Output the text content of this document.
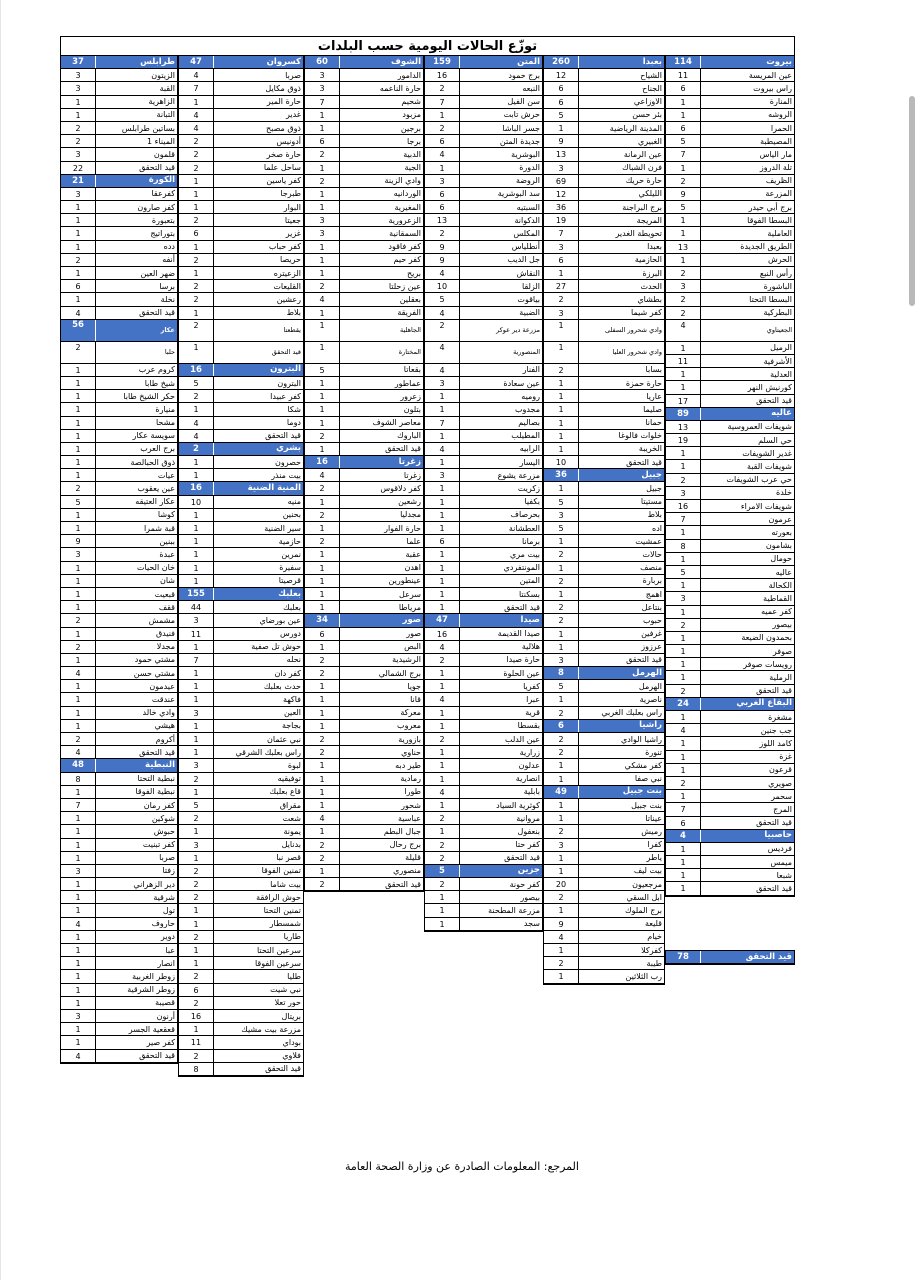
توزّع الحالات اليومية حسب البلدات
بيروت
114
عين المريسة
11
راس بيروت
6
المنارة
1
الروشه
1
الحمرا
6
المصيطبة
5
مار الياس
7
تلة الدروز
1
الظريف
2
المزرعة
9
برج أبي حيدر
5
البسطا الفوقا
1
العاملية
1
الطريق الجديدة
13
الحرش
1
رأس النبع
2
الباشورة
3
البسطا التحتا
2
البطركية
2
الجعيتاوي
4
الرميل
1
الأشرفية
11
العدلية
1
كورنيش النهر
1
قيد التحقق
17
عاليه
89
شويفات العمروسية
13
حي السلم
19
غدير الشويفات
1
شويفات القبة
1
حي عرب الشويفات
2
خلدة
3
شويفات الامراء
16
عرمون
7
بعورته
1
بشامون
8
حومال
1
عاليه
5
الكحالة
1
القماطية
3
كفر عميه
1
بيصور
2
بحمدون الضيعة
1
صوفر
1
رويسات صوفر
1
الرملية
1
قيد التحقق
2
البقاع الغربي
24
مشغرة
1
جب جنين
4
كامد اللوز
1
غزة
1
قرعون
1
صويري
2
سحمر
1
المرج
7
قيد التحقق
6
حاصبيا
4
فرديس
1
ميمس
1
شبعا
1
قيد التحقق
1
بعبدا
260
الشياح
12
الجناح
6
الاوزاعي
6
بئر حسن
5
المدينة الرياضية
1
الغبيري
9
عين الرمانة
13
فرن الشباك
3
حارة حريك
69
الليلكي
12
برج البراجنة
36
المريجة
19
تحويطة الغدير
7
بعبدا
3
الحازمية
6
البرزة
1
الحدث
27
بطشاي
2
كفر شيما
3
وادي شحرور السفلى
1
وادي شحرور العليا
1
بسابا
2
حارة حمزة
1
عاريا
1
صليما
1
حمانا
1
خلوات فالوغا
1
الخريبة
1
قيد التحقق
10
جبيل
36
جبيل
1
مستيتا
5
بلاط
3
اده
5
عمشيت
1
حالات
2
منصف
1
بربارة
2
اهمج
1
بنتاعل
2
حبوب
2
غرفين
1
عرزوز
1
قيد التحقق
3
الهرمل
8
الهرمل
5
ناصرية
1
راس بعلبك الغربي
2
راشيا
6
راشيا الوادي
2
تنورة
2
كفر مشكي
1
نبي صفا
1
بنت جبيل
49
بنت جبيل
1
عيناتا
1
رميش
2
كفرا
3
ياطر
1
بيت ليف
1
مرجعيون
20
ابل السقي
2
برج الملوك
1
قليعة
9
خيام
4
كفركلا
1
طيبة
2
رب الثلاثين
1
المتن
159
برج حمود
16
النبعه
2
سن الفيل
7
حرش تابت
1
جسر الباشا
2
جديدة المتن
6
البوشرية
4
الدورة
1
الروضة
3
سد البوشرية
6
السبتيه
6
الدكوانة
13
المكلس
2
أنطلياس
9
جل الديب
9
النقاش
4
الزلقا
10
بياقوت
5
الضبية
4
مزرعة دير عوكر
2
المنصورية
4
الفنار
4
عين سعادة
3
روميه
1
مجدوب
1
بصاليم
7
المطيلب
1
الرابيه
4
اليسار
1
مزرعة يشوع
3
زكريت
1
بكفيا
1
بحرصاف
1
العطشانة
1
برمانا
6
بيت مري
1
المونتفردي
1
المتين
1
بسكنتا
1
قيد التحقق
1
صيدا
47
صيدا القديمة
16
هلالية
4
حارة صيدا
2
عين الحلوة
1
كفريا
1
عبرا
4
قرية
1
بقسطا
1
عين الدلب
2
زرارية
1
عدلون
1
انصارية
1
بابلية
4
كوثرية السياد
1
مروانية
2
بنعفول
1
كفر حتا
2
قيد التحقق
2
جزين
5
كفر حونة
2
بيصور
1
مزرعة المطحنة
1
سجد
1
الشوف
60
الدامور
3
حارة الناعمه
3
شحيم
7
مزبود
1
برجين
1
برجا
6
الدبية
2
الجية
1
وادي الزينة
2
الوردانيه
1
المغيرية
1
الزعرورية
3
السمقانية
3
كفر فاقود
1
كفر حيم
1
بريح
1
عين زحلتا
2
بعقلين
4
الفريقة
1
الجاهلية
1
المختارة
1
بقعاتا
5
عماطور
1
زعرور
1
بتلون
1
معاصر الشوف
1
الباروك
2
قيد التحقق
1
زغرتا
16
زغرتا
4
كفر دلاقوس
2
رشعين
1
مجدليا
2
حارة الفوار
1
علما
2
عقبة
1
اهدن
1
عينطورين
1
سرعل
1
مرياطا
1
صور
34
صور
6
البص
1
الرشيدية
2
برج الشمالي
2
جويا
1
قانا
1
معركة
1
معروب
1
بازورية
2
حناوي
2
طير دبه
1
رمادية
1
طورا
1
شحور
1
عباسية
4
جبال البطم
1
برج رحال
2
قليلة
2
منصوري
1
قيد التحقق
2
كسروان
47
صربا
4
ذوق مكايل
7
حارة المير
1
غدير
4
ذوق مصبح
4
أدونيس
2
حارة صخر
2
ساحل علما
2
كفر ياسين
1
طبرجا
1
البوار
1
جعيتا
2
غزير
6
كفر حباب
1
حريصا
2
الزعيتره
1
القليعات
2
رعشين
2
بلاط
1
يقطعتا
2
قيد التحقق
1
البترون
16
البترون
5
كفر عبيدا
2
شكا
1
دوما
4
قيد التحقق
4
بشري
2
حصرون
1
بيت منذر
1
المنية الضنية
16
منيه
10
بحنين
1
سير الضنية
1
حازمية
1
نمرين
1
سفيرة
1
قرصيتا
1
بعلبك
155
بعلبك
44
عين بورضاي
3
دورس
11
حوش تل صفية
1
نحله
7
كفر دان
1
حدث بعلبك
1
فاكهة
1
العين
3
بجاجة
1
نبي عثمان
1
راس بعلبك الشرقي
1
لبوة
3
توفيقيه
2
قاع بعلبك
1
مقراق
5
شعت
2
يمونة
1
بدنايل
3
قصر نبا
1
تمنين الفوقا
2
بيت شاما
2
حوش الرافقة
2
تمنين التحتا
1
شمسطار
1
طاريا
2
سرعين التحتا
1
سرعين الفوقا
1
طليا
2
نبي شيت
6
حور تعلا
2
بريتال
16
مزرعة بيت مشيك
1
بوداي
11
فلاوي
2
قيد التحقق
8
طرابلس
37
الزيتون
3
القبة
3
الزاهرية
1
التبانة
1
بساتين طرابلس
2
الميناء 1
2
قلمون
3
قيد التحقق
22
الكورة
21
كفرعقا
3
كفر صارون
1
بتعبورة
1
بتوراتيج
1
دده
1
أنفه
2
ضهر العين
1
برسا
6
نخلة
1
قيد التحقق
4
عكار
56
حلبا
2
كروم عرب
1
شيخ طابا
1
حكر الشيخ طابا
1
منيارة
1
مشحا
1
سويسة عكار
1
برج العرب
1
ذوق الحبالصة
1
عيات
1
عين يعقوب
2
عكار العتيقه
5
كوشا
1
قبة شمرا
1
ببنين
9
عبدة
3
خان الحيات
1
شان
1
قبعيت
1
ققف
1
مشمش
2
فنيدق
1
مجدلا
2
مشتي حمود
1
مشتي حسن
4
عيدمون
1
عندقت
1
وادي خالد
1
هيشي
1
أكروم
2
قيد التحقق
4
النبطية
48
نبطية التحتا
8
نبطية الفوقا
1
كفر رمان
7
شوكين
1
حبوش
1
كفر تبنيت
1
صربا
1
زفتا
3
دير الزهراني
1
شرقية
1
تول
1
حاروف
4
دوير
1
عبا
1
انصار
1
زوطر الغربية
1
زوطر الشرقية
1
قصيبة
1
أرنون
3
قعقعية الجسر
1
كفر صير
1
قيد التحقق
4
قيد التحقق
78
المرجع: المعلومات الصادرة عن وزارة الصحة العامة
